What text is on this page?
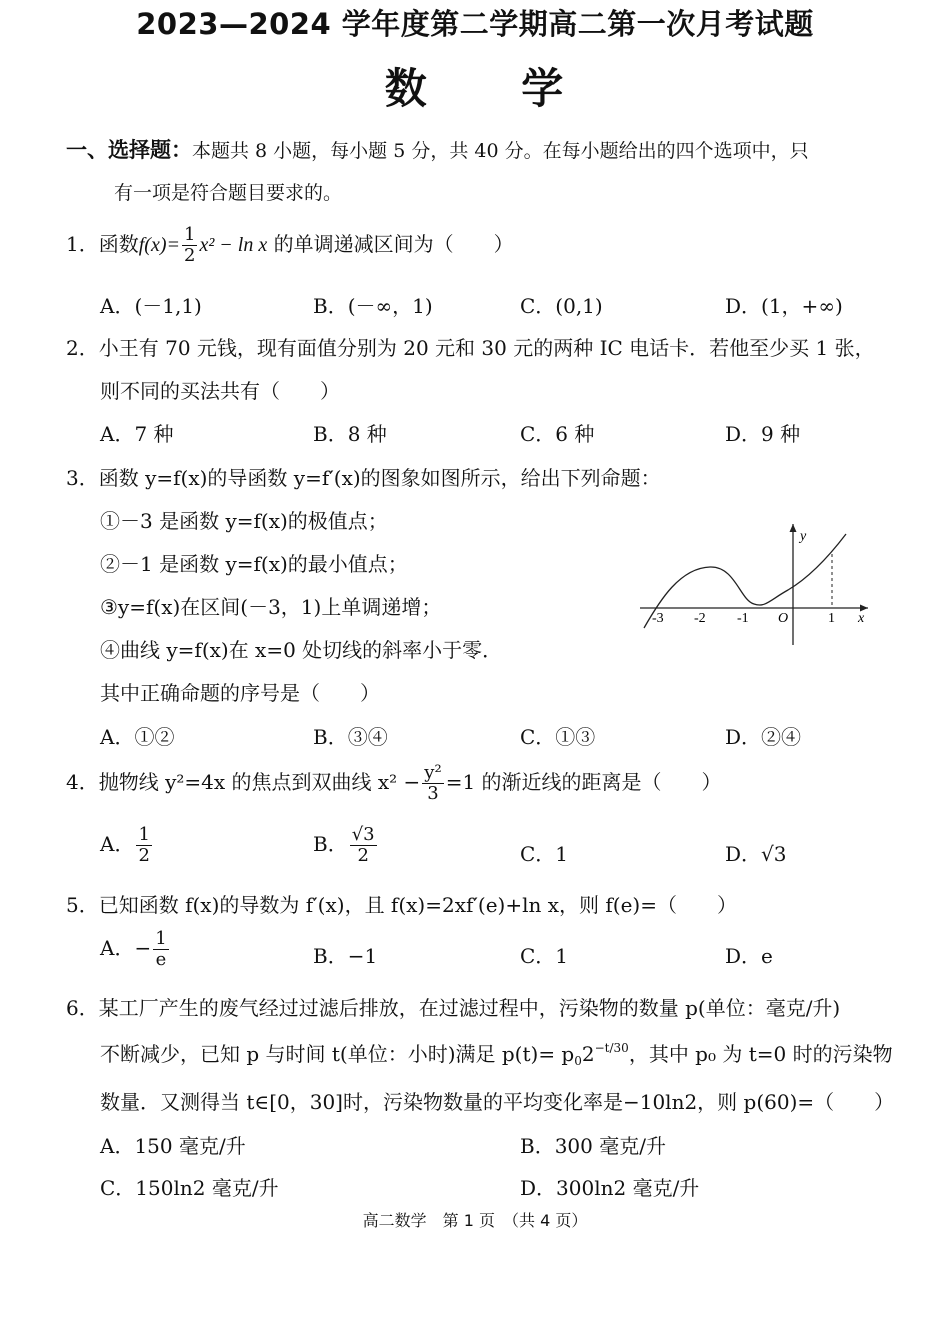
2023—2024 学年度第二学期高二第一次月考试题
数 学
一、选择题：本题共 8 小题，每小题 5 分，共 40 分。在每小题给出的四个选项中，只
有一项是符合题目要求的。
1．函数$f(x)= \frac{1}{2} x^2 - \ln x$ 的单调递减区间为（　　）
A．(－1,1)	B．(－∞，1)	C．(0,1)	D．(1，+∞)
2．小王有 70 元钱，现有面值分别为 20 元和 30 元的两种 IC 电话卡．若他至少买 1 张，
则不同的买法共有（　　）
A．7 种	B．8 种	C．6 种	D．9 种
3．函数 y=f(x)的导函数 y=f′(x)的图象如图所示，给出下列命题：
①－3 是函数 y=f(x)的极值点；
②－1 是函数 y=f(x)的最小值点；
③y=f(x)在区间(－3，1)上单调递增；
④曲线 y=f(x)在 x=0 处切线的斜率小于零．
其中正确命题的序号是（　　）
A．①②	B．③④	C．①③	D．②④
y
x
O
-3 -2 -1	1
4．抛物线 y²=4x 的焦点到双曲线 $x^2 - \frac{\text{y²}}{3} =1$ 的渐近线的距离是（　　）
A． $\frac{1}{2}$	B． $\frac{√3}{2}$	C．1	D．√3
5．已知函数 f(x)的导数为 f′(x)，且 f(x)=2xf′(e)+ln x，则 f(e)=（　　）
A．− $\frac{1}{e}$	B．−1	C．1	D．e
6．某工厂产生的废气经过过滤后排放，在过滤过程中，污染物的数量 p(单位：毫克/升)
不断减少，已知 p 与时间 t(单位：小时)满足 $p(t)= p_02^{-t/30}$，其中 p₀ 为 t=0 时的污染物
数量．又测得当 t∈[0，30]时，污染物数量的平均变化率是−10ln2，则 p(60)=（　　）
A．150 毫克/升	B．300 毫克/升
C．150ln2 毫克/升	D．300ln2 毫克/升
高二数学　第 1 页　（共 4 页）
